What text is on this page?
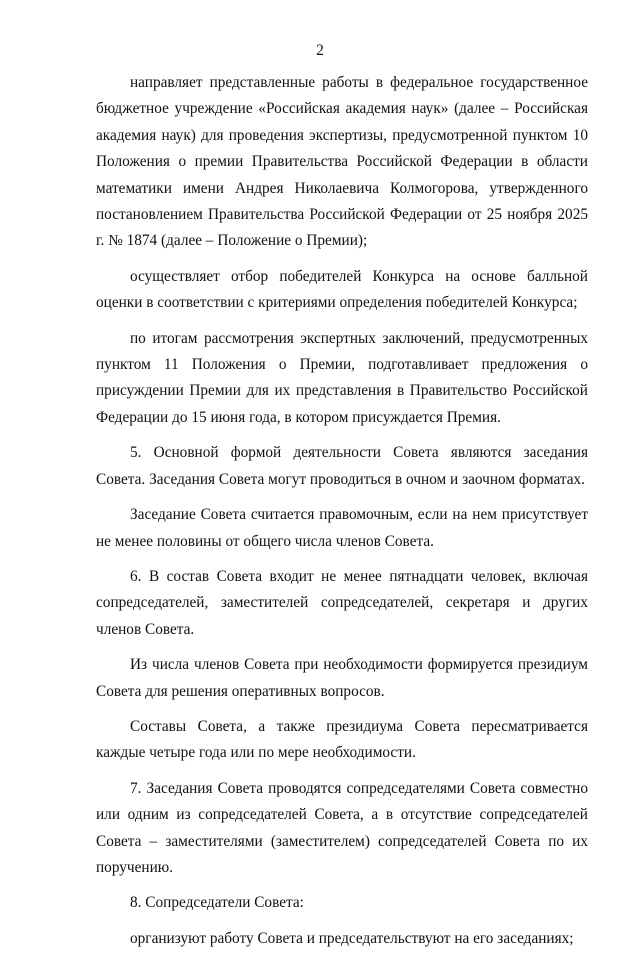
2

направляет представленные работы в федеральное государственное бюджетное учреждение «Российская академия наук» (далее – Российская академия наук) для проведения экспертизы, предусмотренной пунктом 10 Положения о премии Правительства Российской Федерации в области математики имени Андрея Николаевича Колмогорова, утвержденного постановлением Правительства Российской Федерации от 25 ноября 2025 г. № 1874 (далее – Положение о Премии);

осуществляет отбор победителей Конкурса на основе балльной оценки в соответствии с критериями определения победителей Конкурса;

по итогам рассмотрения экспертных заключений, предусмотренных пунктом 11 Положения о Премии, подготавливает предложения о присуждении Премии для их представления в Правительство Российской Федерации до 15 июня года, в котором присуждается Премия.

5. Основной формой деятельности Совета являются заседания Совета. Заседания Совета могут проводиться в очном и заочном форматах.

Заседание Совета считается правомочным, если на нем присутствует не менее половины от общего числа членов Совета.

6. В состав Совета входит не менее пятнадцати человек, включая сопредседателей, заместителей сопредседателей, секретаря и других членов Совета.

Из числа членов Совета при необходимости формируется президиум Совета для решения оперативных вопросов.

Составы Совета, а также президиума Совета пересматривается каждые четыре года или по мере необходимости.

7. Заседания Совета проводятся сопредседателями Совета совместно или одним из сопредседателей Совета, а в отсутствие сопредседателей Совета – заместителями (заместителем) сопредседателей Совета по их поручению.

8. Сопредседатели Совета:

организуют работу Совета и председательствуют на его заседаниях;
